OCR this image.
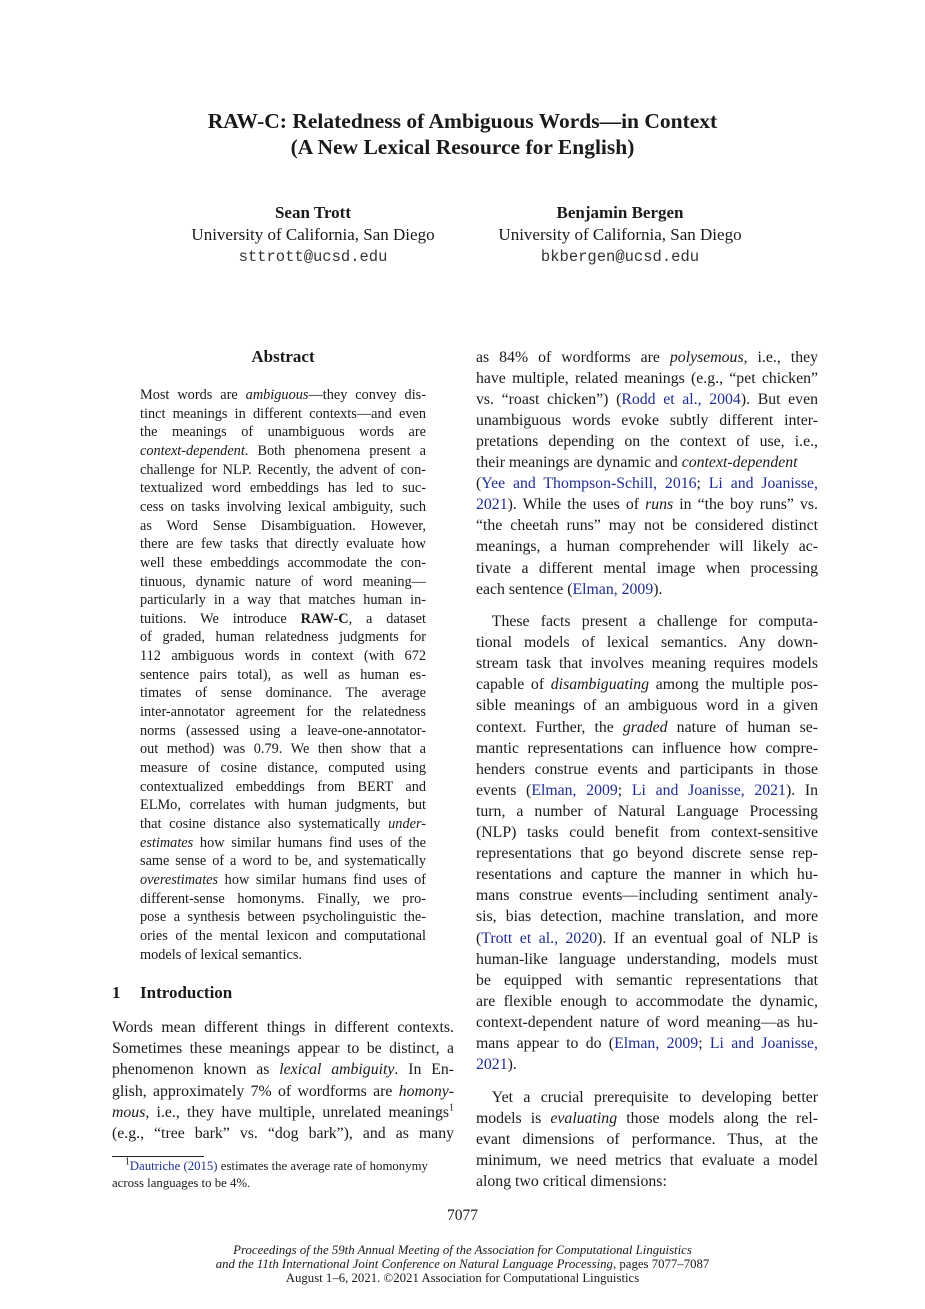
RAW-C: Relatedness of Ambiguous Words—in Context
(A New Lexical Resource for English)
Sean Trott
University of California, San Diego
sttrott@ucsd.edu
Benjamin Bergen
University of California, San Diego
bkbergen@ucsd.edu
Abstract
Most words are ambiguous—they convey dis-
tinct meanings in different contexts—and even
the meanings of unambiguous words are
context-dependent. Both phenomena present a
challenge for NLP. Recently, the advent of con-
textualized word embeddings has led to suc-
cess on tasks involving lexical ambiguity, such
as Word Sense Disambiguation. However,
there are few tasks that directly evaluate how
well these embeddings accommodate the con-
tinuous, dynamic nature of word meaning—
particularly in a way that matches human in-
tuitions. We introduce RAW-C, a dataset
of graded, human relatedness judgments for
112 ambiguous words in context (with 672
sentence pairs total), as well as human es-
timates of sense dominance. The average
inter-annotator agreement for the relatedness
norms (assessed using a leave-one-annotator-
out method) was 0.79. We then show that a
measure of cosine distance, computed using
contextualized embeddings from BERT and
ELMo, correlates with human judgments, but
that cosine distance also systematically under-
estimates how similar humans find uses of the
same sense of a word to be, and systematically
overestimates how similar humans find uses of
different-sense homonyms. Finally, we pro-
pose a synthesis between psycholinguistic the-
ories of the mental lexicon and computational
models of lexical semantics.
1 Introduction
Words mean different things in different contexts.
Sometimes these meanings appear to be distinct, a
phenomenon known as lexical ambiguity. In En-
glish, approximately 7% of wordforms are homony-
mous, i.e., they have multiple, unrelated meanings$^1$
(e.g., “tree bark” vs. “dog bark”), and as many
 $^1$Dautriche (2015) estimates the average rate of homonymy
across languages to be 4%.
as 84% of wordforms are polysemous, i.e., they
have multiple, related meanings (e.g., “pet chicken”
vs. “roast chicken”) (Rodd et al., 2004). But even
unambiguous words evoke subtly different inter-
pretations depending on the context of use, i.e.,
their meanings are dynamic and context-dependent
(Yee and Thompson-Schill, 2016; Li and Joanisse,
2021). While the uses of runs in “the boy runs” vs.
“the cheetah runs” may not be considered distinct
meanings, a human comprehender will likely ac-
tivate a different mental image when processing
each sentence (Elman, 2009).
 These facts present a challenge for computa-
tional models of lexical semantics. Any down-
stream task that involves meaning requires models
capable of disambiguating among the multiple pos-
sible meanings of an ambiguous word in a given
context. Further, the graded nature of human se-
mantic representations can influence how compre-
henders construe events and participants in those
events (Elman, 2009; Li and Joanisse, 2021). In
turn, a number of Natural Language Processing
(NLP) tasks could benefit from context-sensitive
representations that go beyond discrete sense rep-
resentations and capture the manner in which hu-
mans construe events—including sentiment analy-
sis, bias detection, machine translation, and more
(Trott et al., 2020). If an eventual goal of NLP is
human-like language understanding, models must
be equipped with semantic representations that
are flexible enough to accommodate the dynamic,
context-dependent nature of word meaning—as hu-
mans appear to do (Elman, 2009; Li and Joanisse,
2021).
 Yet a crucial prerequisite to developing better
models is evaluating those models along the rel-
evant dimensions of performance. Thus, at the
minimum, we need metrics that evaluate a model
along two critical dimensions:
7077
Proceedings of the 59th Annual Meeting of the Association for Computational Linguistics
and the 11th International Joint Conference on Natural Language Processing, pages 7077–7087
August 1–6, 2021. ©2021 Association for Computational Linguistics
